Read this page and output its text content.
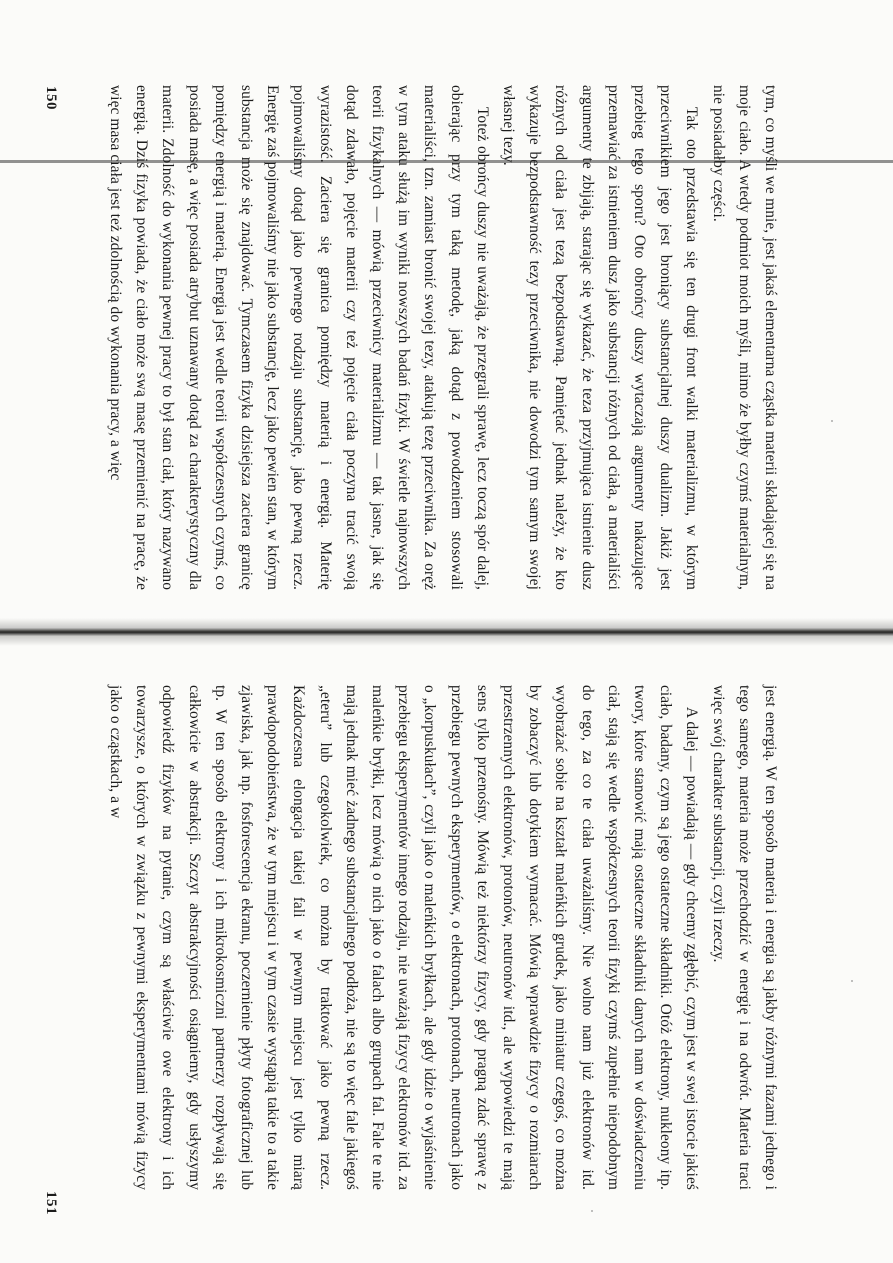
tym, co myśli we mnie, jest jakaś elementarna cząstka materii składającej się na moje ciało. A wtedy podmiot moich myśli, mimo że byłby czymś materialnym, nie posiadałby części.

Tak oto przedstawia się ten drugi front walki materializmu, w którym przeciwnikiem jego jest broniący substancjalnej duszy dualizm. Jakiż jest przebieg tego sporu? Oto obrońcy duszy wytaczają argumenty nakazujące przemawiać za istnieniem dusz jako substancji różnych od ciała, a materialiści argumenty te zbijają, starając się wykazać, że teza przyjmująca istnienie dusz różnych od ciała jest tezą bezpodstawną. Pamiętać jednak należy, że kto wykazuje bezpodstawność tezy przeciwnika, nie dowodzi tym samym swojej własnej tezy.

Toteż obrońcy duszy nie uważają, że przegrali sprawę, lecz toczą spór dalej, obierając przy tym taką metodę, jaką dotąd z powodzeniem stosowali materialiści, tzn. zamiast bronić swojej tezy, atakują tezę przeciwnika. Za oręż w tym ataku służą im wyniki nowszych badań fizyki. W świetle najnowszych teorii fizykalnych — mówią przeciwnicy materializmu — tak jasne, jak się dotąd zdawało, pojęcie materii czy też pojęcie ciała poczyna tracić swoją wyrazistość. Zaciera się granica pomiędzy materią i energią. Materię pojmowaliśmy dotąd jako pewnego rodzaju substancję, jako pewną rzecz. Energię zaś pojmowaliśmy nie jako substancję, lecz jako pewien stan, w którym substancja może się znajdować. Tymczasem fizyka dzisiejsza zaciera granicę pomiędzy energią i materią. Energia jest wedle teorii współczesnych czymś, co posiada masę, a więc posiada atrybut uznawany dotąd za charakterystyczny dla materii. Zdolność do wykonania pewnej pracy to był stan ciał, który nazywano energią. Dziś fizyka powiada, że ciało może swą masę przemienić na pracę, że więc masa ciała jest też zdolnością do wykonania pracy, a więc

150

jest energią. W ten sposób materia i energia są jakby różnymi fazami jednego i tego samego, materia może przechodzić w energię i na odwrót. Materia traci więc swój charakter substancji, czyli rzeczy.

A dalej — powiadają — gdy chcemy zgłębić, czym jest w swej istocie jakieś ciało, badany, czym są jego ostateczne składniki. Otóż elektrony, nukleony itp. twory, które stanowić mają ostateczne składniki danych nam w doświadczeniu ciał, stają się wedle współczesnych teorii fizyki czymś zupełnie niepodobnym do tego, za co te ciała uważaliśmy. Nie wolno nam już elektronów itd. wyobrażać sobie na kształt maleńkich grudek, jako miniatur czegoś, co można by zobaczyć lub dotykiem wymacać. Mówią wprawdzie fizycy o rozmiarach przestrzennych elektronów, protonów, neutronów itd., ale wypowiedzi te mają sens tylko przenośny. Mówią też niektórzy fizycy, gdy pragną zdać sprawę z przebiegu pewnych eksperymentów, o elektronach, protonach, neutronach jako o „korpuskułach”, czyli jako o maleńkich bryłkach, ale gdy idzie o wyjaśnienie przebiegu eksperymentów innego rodzaju, nie uważają fizycy elektronów itd. za maleńkie bryłki, lecz mówią o nich jako o falach albo grupach fal. Fale te nie mają jednak mieć żadnego substancjalnego podłoża, nie są to więc fale jakiegoś „eteru” lub czegokolwiek, co można by traktować jako pewną rzecz. Każdoczesna elongacja takiej fali w pewnym miejscu jest tylko miarą prawdopodobieństwa, że w tym miejscu i w tym czasie wystąpią takie to a takie zjawiska, jak np. fosforescencja ekranu, poczernienie płyty fotograficznej lub tp. W ten sposób elektrony i ich mikrokosmiczni partnerzy rozpływają się całkowicie w abstrakcji. Szczyt abstrakcyjności osiągniemy, gdy usłyszymy odpowiedź fizyków na pytanie, czym są właściwie owe elektrony i ich towarzysze, o których w związku z pewnymi eksperymentami mówią fizycy jako o cząstkach, a w

151
